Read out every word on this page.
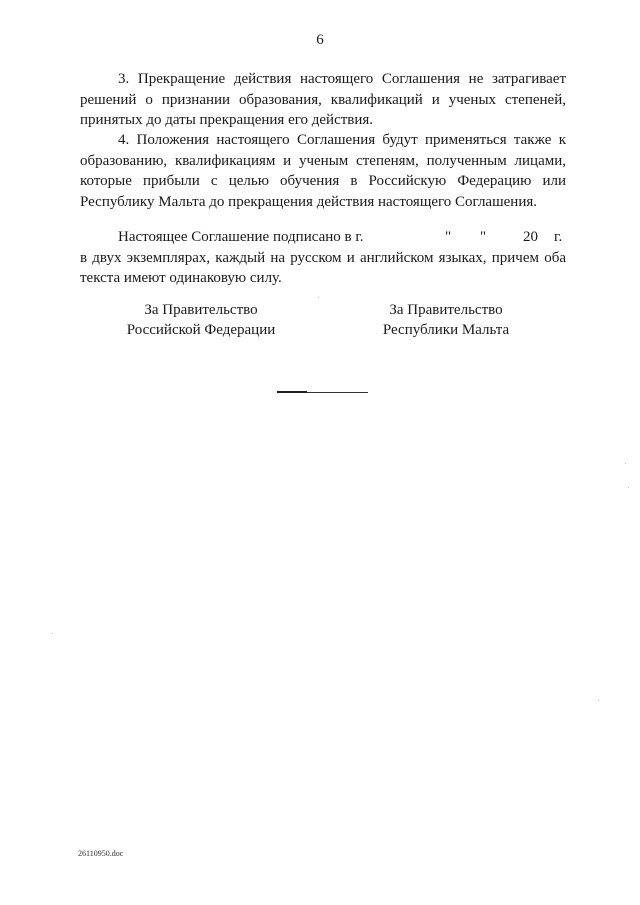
6

3. Прекращение действия настоящего Соглашения не затрагивает решений о признании образования, квалификаций и ученых степеней, принятых до даты прекращения его действия.

4. Положения настоящего Соглашения будут применяться также к образованию, квалификациям и ученым степеням, полученным лицами, которые прибыли с целью обучения в Российскую Федерацию или Республику Мальта до прекращения действия настоящего Соглашения.

Настоящее Соглашение подписано в г.	" " 20 г.

в двух экземплярах, каждый на русском и английском языках, причем оба текста имеют одинаковую силу.

За Правительство
Российской Федерации
За Правительство
Республики Мальта
26110950.doc
